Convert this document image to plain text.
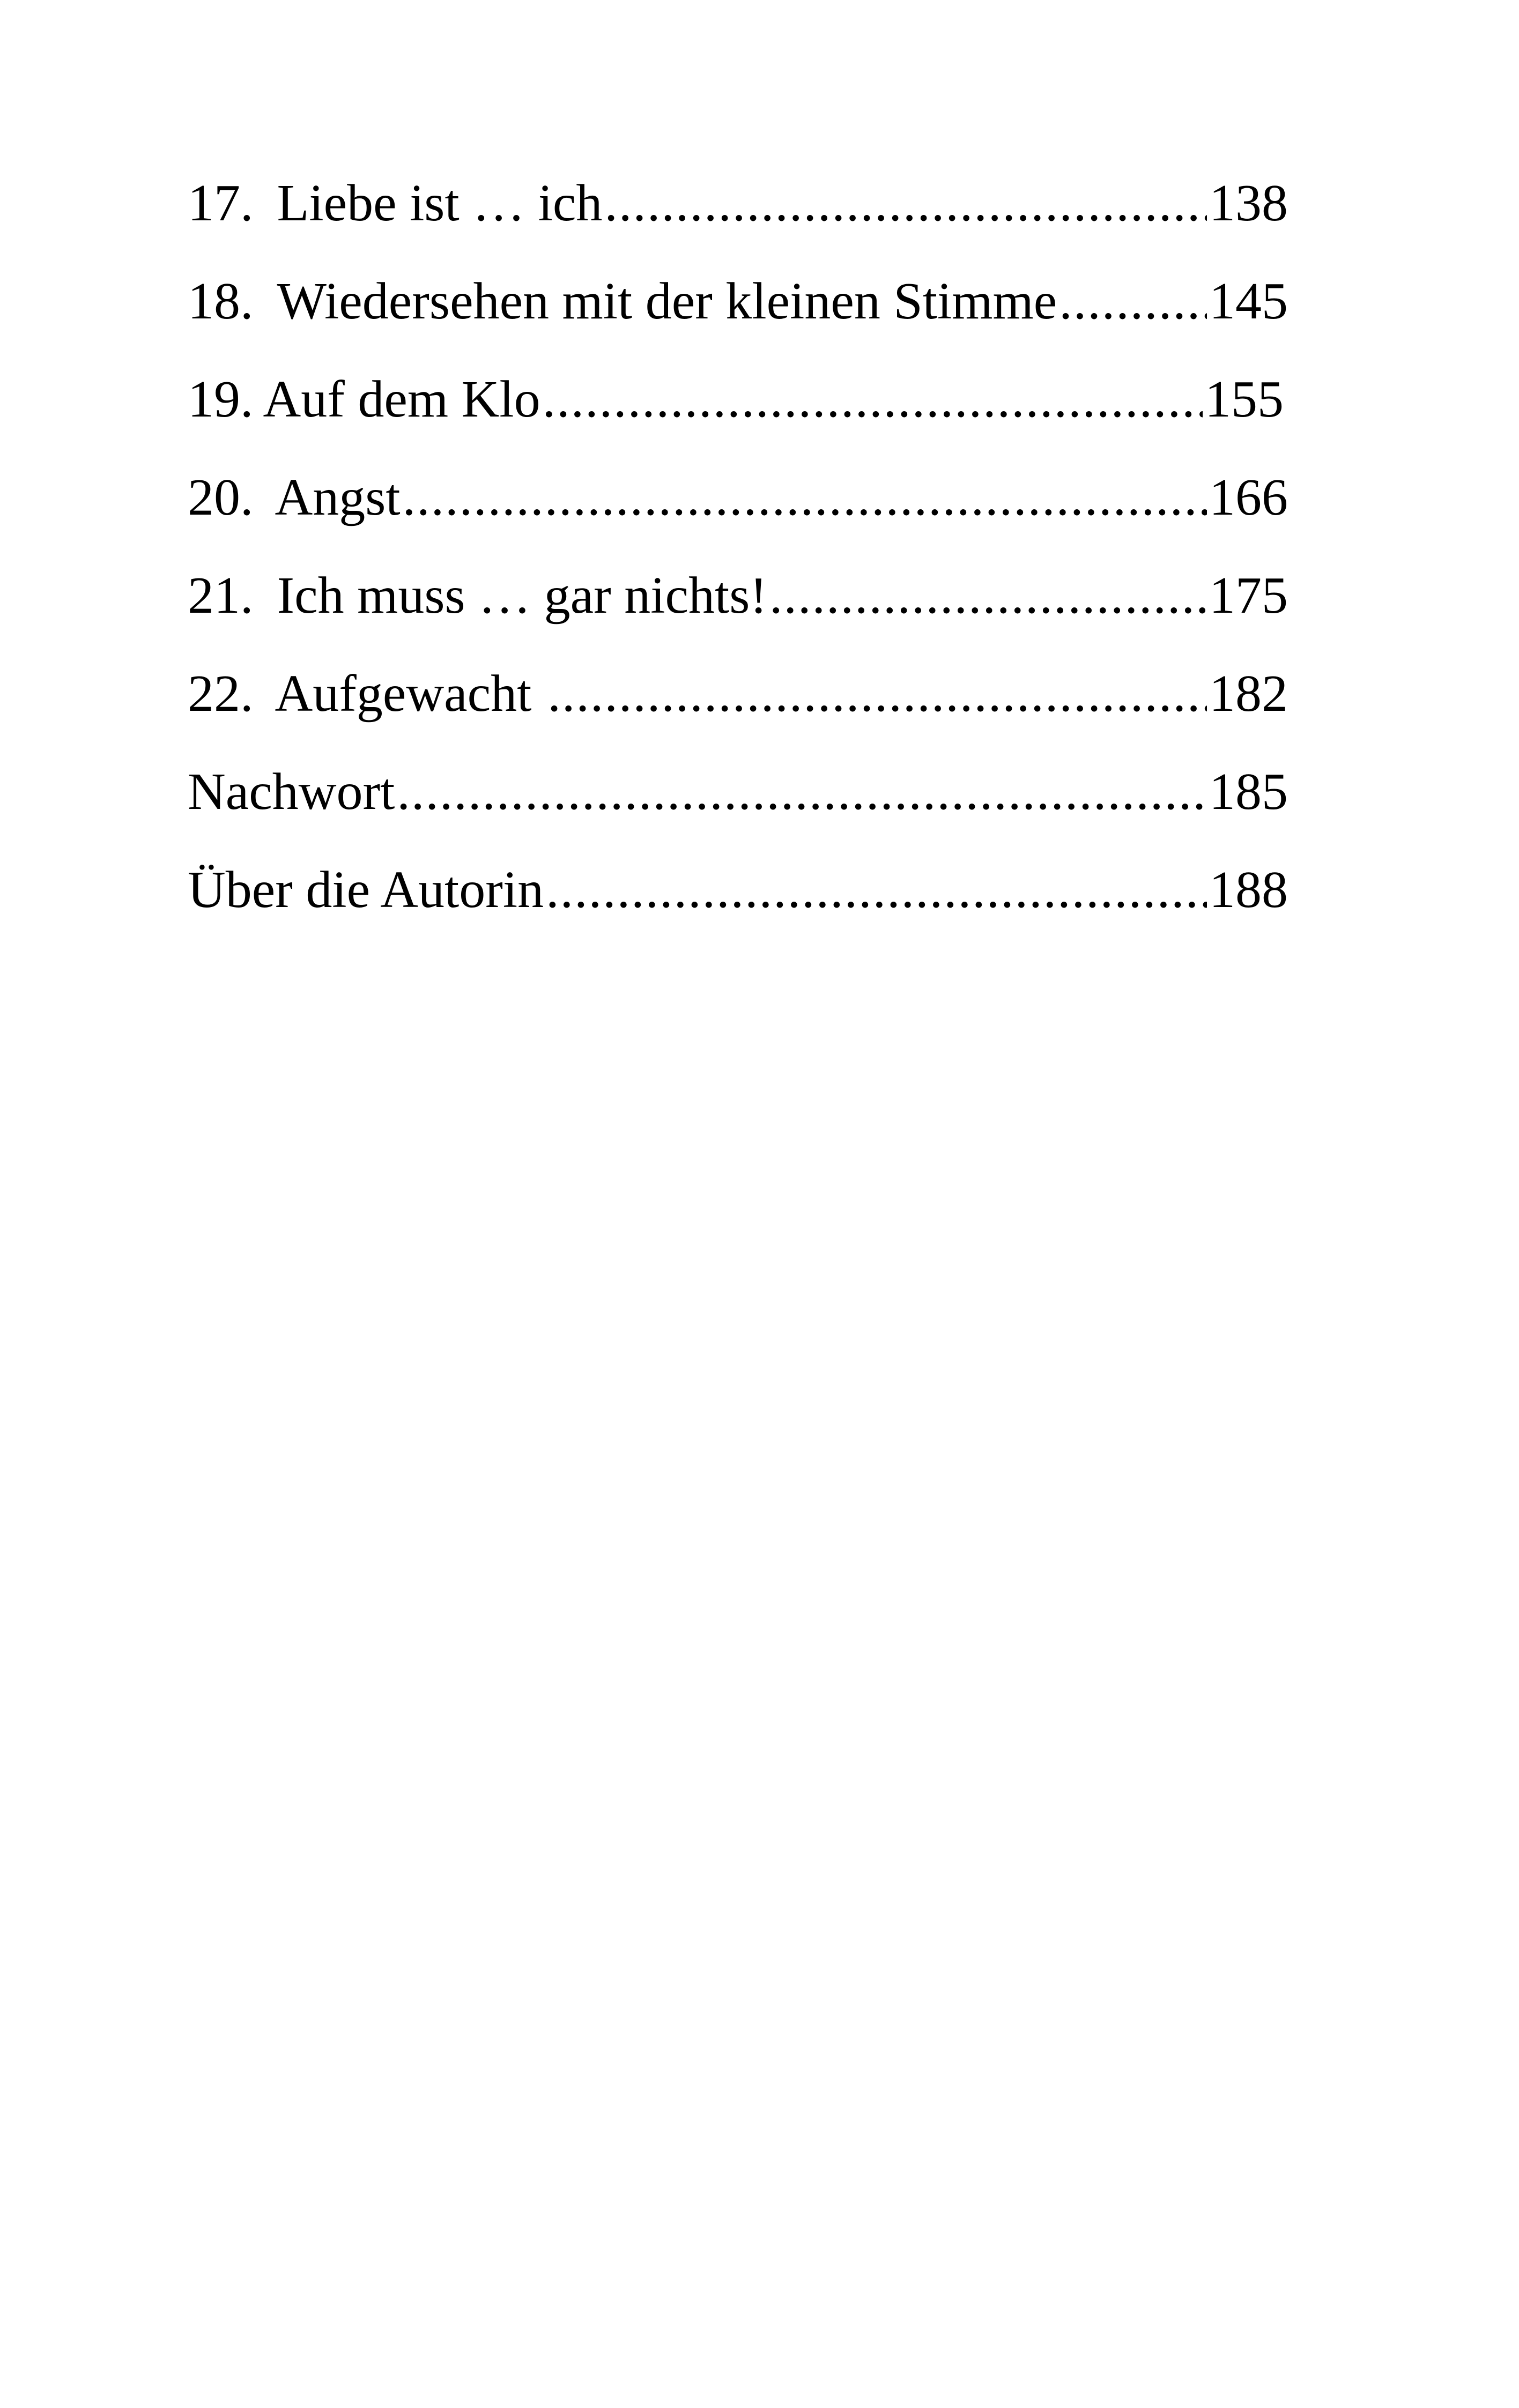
17. Liebe ist … ich .....	138
18. Wiedersehen mit der kleinen Stimme .....	145
19. Auf dem Klo .....	155
20. Angst .....	166
21. Ich muss … gar nichts! .....	175
22. Aufgewacht .....	182
Nachwort .....	185
Über die Autorin .....	188
